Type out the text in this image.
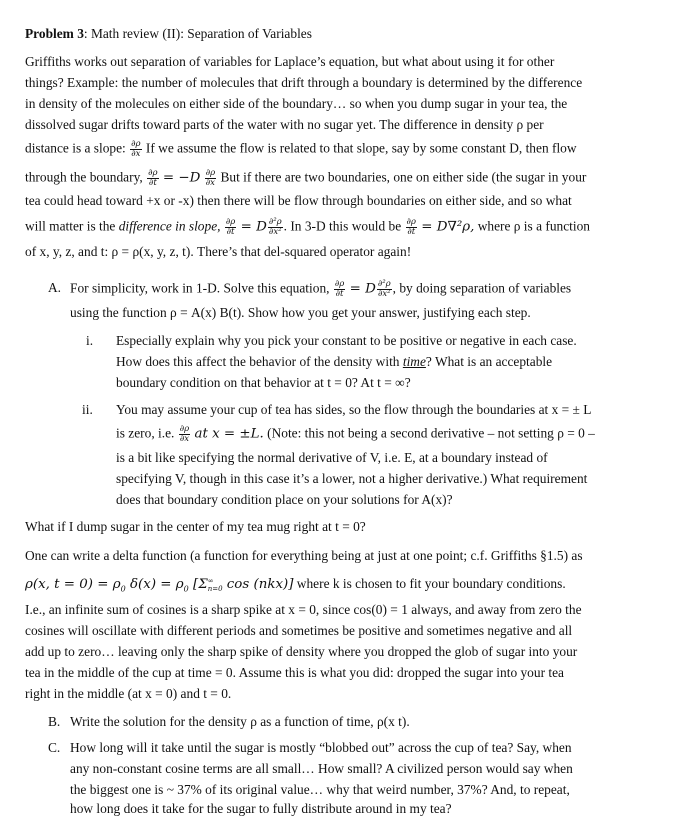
Problem 3: Math review (II): Separation of Variables
Griffiths works out separation of variables for Laplace’s equation, but what about using it for other
things? Example: the number of molecules that drift through a boundary is determined by the difference
in density of the molecules on either side of the boundary… so when you dump sugar in your tea, the
dissolved sugar drifts toward parts of the water with no sugar yet. The difference in density ρ per
distance is a slope: $\frac{\partial\rho}{\partial x}$ If we assume the flow is related to that slope, say by some constant D, then flow
through the boundary, $\frac{\partial\rho}{\partial t} = -D \frac{\partial\rho}{\partial x}$ But if there are two boundaries, one on either side (the sugar in your
tea could head toward +x or -x) then there will be flow through boundaries on either side, and so what
will matter is the difference in slope, $\frac{\partial\rho}{\partial t} = D \frac{\text{∂²ρ}}{\text{∂x²}}$ . In 3-D this would be $\frac{\partial\rho}{\partial t} = D\nabla^2\rho$, where ρ is a function
of x, y, z, and t: ρ = ρ(x, y, z, t). There’s that del-squared operator again!
A. For simplicity, work in 1-D. Solve this equation, $\frac{\partial\rho}{\partial t} = D \frac{\text{∂²ρ}}{\text{∂x²}}$ , by doing separation of variables
using the function ρ = A(x) B(t). Show how you get your answer, justifying each step.
i. Especially explain why you pick your constant to be positive or negative in each case.
How does this affect the behavior of the density with time? What is an acceptable
boundary condition on that behavior at t = 0? At t = ∞?
ii. You may assume your cup of tea has sides, so the flow through the boundaries at x = ± L
is zero, i.e. $\frac{\partial\rho}{\partial x}$ at x = ±L. (Note: this not being a second derivative – not setting ρ = 0 –
is a bit like specifying the normal derivative of V, i.e. E, at a boundary instead of
specifying V, though in this case it’s a lower, not a higher derivative.) What requirement
does that boundary condition place on your solutions for A(x)?
What if I dump sugar in the center of my tea mug right at t = 0?
One can write a delta function (a function for everything being at just at one point; c.f. Griffiths §1.5) as
ρ(x, $t = 0) = \rho_0$ $\delta(x) = \rho_0$ [Σ ∞
n=0 cos (nkx)] where k is chosen to fit your boundary conditions.
I.e., an infinite sum of cosines is a sharp spike at x = 0, since cos(0) = 1 always, and away from zero the
cosines will oscillate with different periods and sometimes be positive and sometimes negative and all
add up to zero… leaving only the sharp spike of density where you dropped the glob of sugar into your
tea in the middle of the cup at time = 0. Assume this is what you did: dropped the sugar into your tea
right in the middle (at x = 0) and t = 0.
B. Write the solution for the density ρ as a function of time, ρ(x t).
C. How long will it take until the sugar is mostly “blobbed out” across the cup of tea? Say, when
any non-constant cosine terms are all small… How small? A civilized person would say when
the biggest one is ~ 37% of its original value… why that weird number, 37%? And, to repeat,
how long does it take for the sugar to fully distribute around in my tea?
